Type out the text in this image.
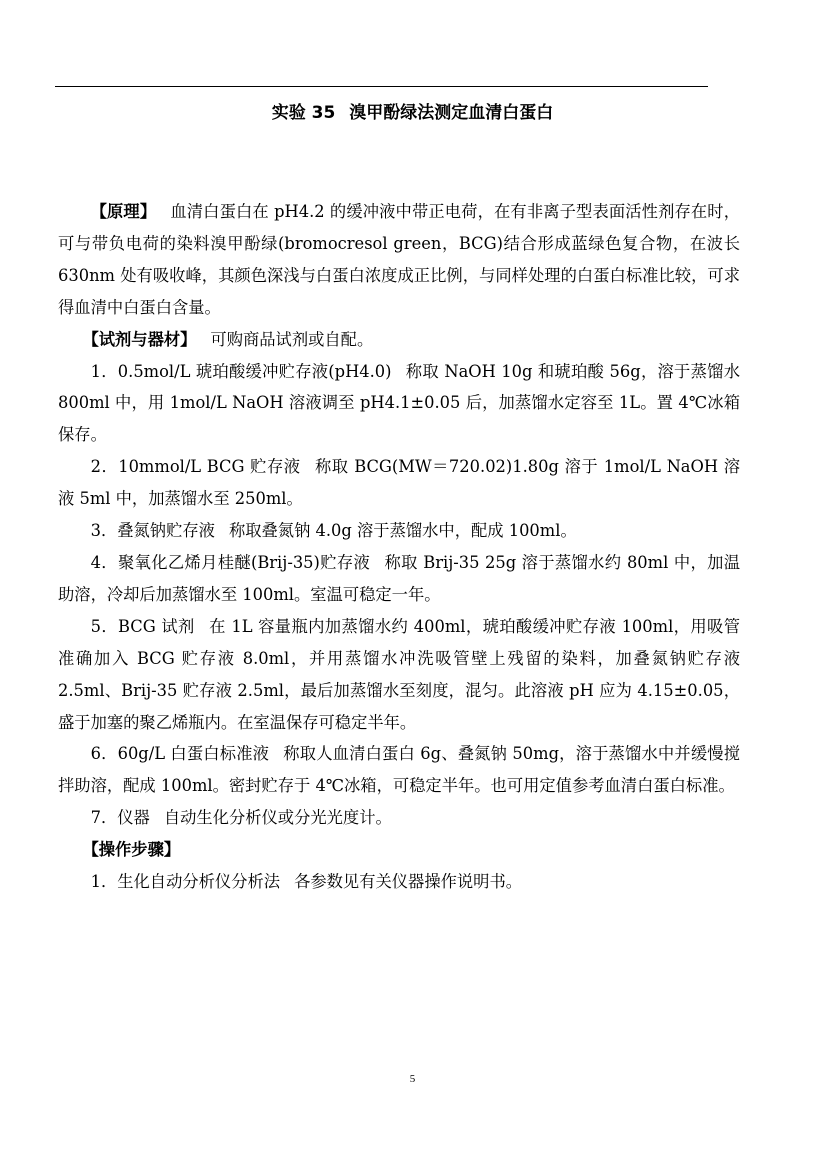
实验 35 溴甲酚绿法测定血清白蛋白

【原理】 血清白蛋白在 pH4.2 的缓冲液中带正电荷，在有非离子型表面活性剂存在时，可与带负电荷的染料溴甲酚绿(bromocresol green，BCG)结合形成蓝绿色复合物，在波长 630nm 处有吸收峰，其颜色深浅与白蛋白浓度成正比例，与同样处理的白蛋白标准比较，可求得血清中白蛋白含量。

【试剂与器材】 可购商品试剂或自配。

1．0.5mol/L 琥珀酸缓冲贮存液(pH4.0) 称取 NaOH 10g 和琥珀酸 56g，溶于蒸馏水 800ml 中，用 1mol/L NaOH 溶液调至 pH4.1±0.05 后，加蒸馏水定容至 1L。置 4℃冰箱保存。

2．10mmol/L BCG 贮存液 称取 BCG(MW＝720.02)1.80g 溶于 1mol/L NaOH 溶液 5ml 中，加蒸馏水至 250ml。

3．叠氮钠贮存液 称取叠氮钠 4.0g 溶于蒸馏水中，配成 100ml。

4．聚氧化乙烯月桂醚(Brij-35)贮存液 称取 Brij-35 25g 溶于蒸馏水约 80ml 中，加温助溶，冷却后加蒸馏水至 100ml。室温可稳定一年。

5．BCG 试剂 在 1L 容量瓶内加蒸馏水约 400ml，琥珀酸缓冲贮存液 100ml，用吸管准确加入 BCG 贮存液 8.0ml，并用蒸馏水冲洗吸管壁上残留的染料，加叠氮钠贮存液 2.5ml、Brij-35 贮存液 2.5ml，最后加蒸馏水至刻度，混匀。此溶液 pH 应为 4.15±0.05，盛于加塞的聚乙烯瓶内。在室温保存可稳定半年。

6．60g/L 白蛋白标准液 称取人血清白蛋白 6g、叠氮钠 50mg，溶于蒸馏水中并缓慢搅拌助溶，配成 100ml。密封贮存于 4℃冰箱，可稳定半年。也可用定值参考血清白蛋白标准。

7．仪器 自动生化分析仪或分光光度计。

【操作步骤】

1．生化自动分析仪分析法 各参数见有关仪器操作说明书。

5
